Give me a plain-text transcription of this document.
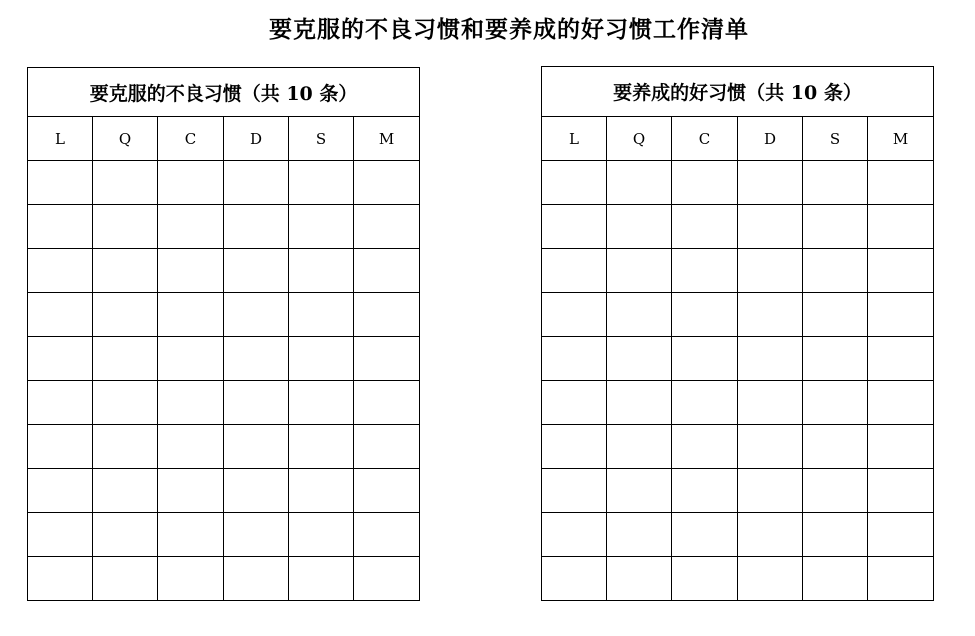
要克服的不良习惯和要养成的好习惯工作清单
要克服的不良习惯（共 10 条）					
L	Q	C	D	S	M

要养成的好习惯（共 10 条）					
L	Q	C	D	S	M
